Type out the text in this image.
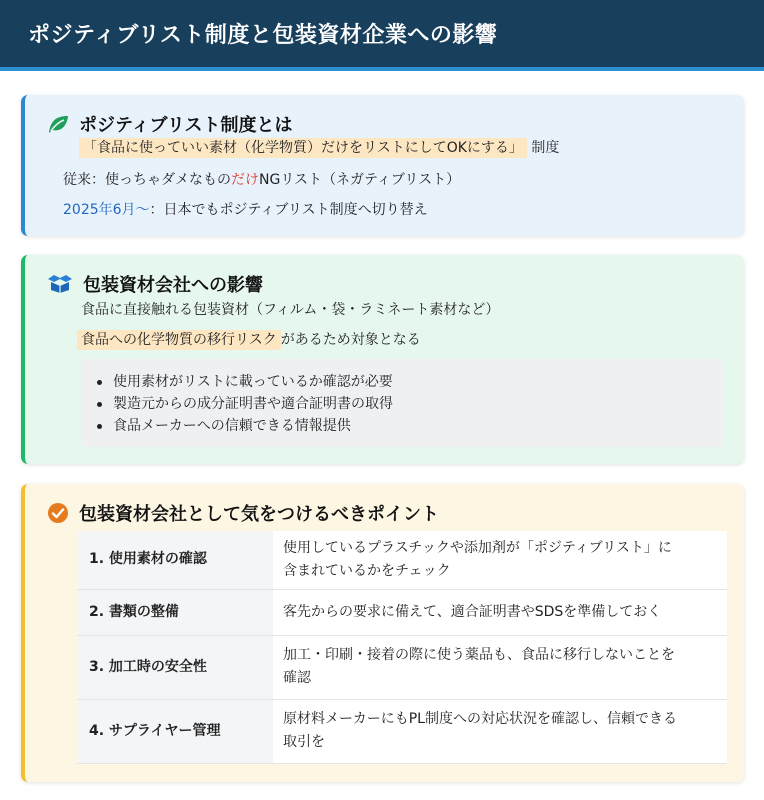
ポジティブリスト制度と包装資材企業への影響
ポジティブリスト制度とは
「食品に使っていい素材（化学物質）だけをリストにしてOKにする」 制度
従来：使っちゃダメなものだけNGリスト（ネガティブリスト）
2025年6月〜：日本でもポジティブリスト制度へ切り替え
包装資材会社への影響
食品に直接触れる包装資材（フィルム・袋・ラミネート素材など）
食品への化学物質の移行リスク があるため対象となる
使用素材がリストに載っているか確認が必要
製造元からの成分証明書や適合証明書の取得
食品メーカーへの信頼できる情報提供
包装資材会社として気をつけるべきポイント
1. 使用素材の確認	使用しているプラスチックや添加剤が「ポジティブリスト」に
含まれているかをチェック
2. 書類の整備	客先からの要求に備えて、適合証明書やSDSを準備しておく
3. 加工時の安全性	加工・印刷・接着の際に使う薬品も、食品に移行しないことを
確認
4. サプライヤー管理	原材料メーカーにもPL制度への対応状況を確認し、信頼できる
取引を
